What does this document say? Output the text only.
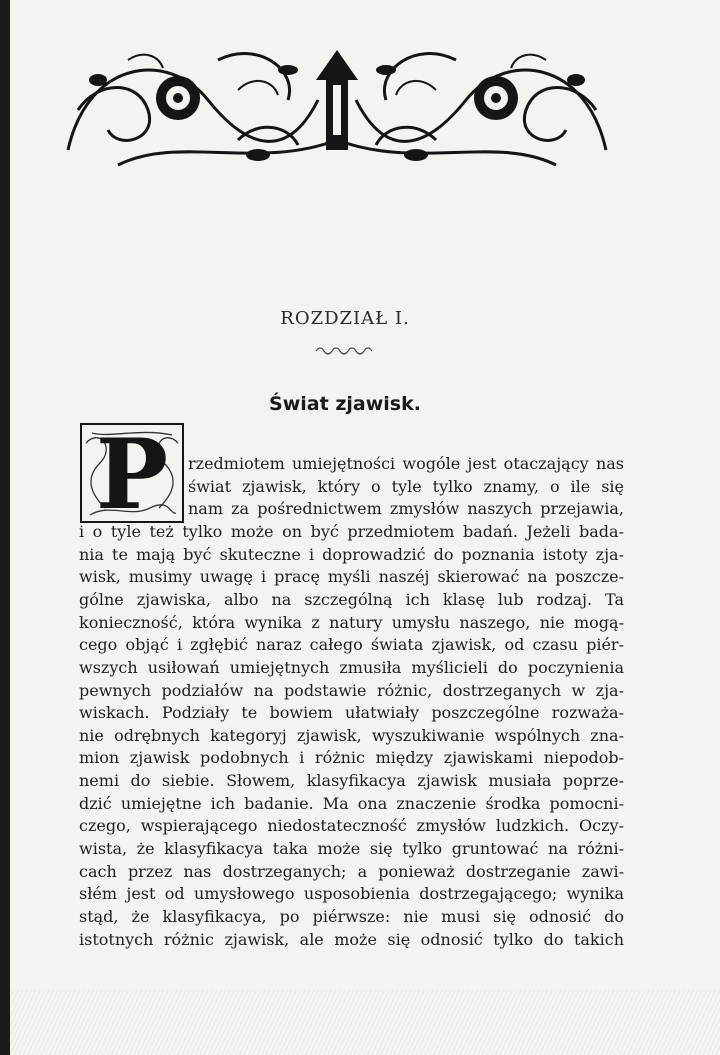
ROZDZIAŁ I.
Świat zjawisk.
P rzedmiotem umiejętności wogóle jest otaczający nas
świat zjawisk, który o tyle tylko znamy, o ile się
nam za pośrednictwem zmysłów naszych przejawia,
i o tyle też tylko może on być przedmiotem badań. Jeżeli bada-
nia te mają być skuteczne i doprowadzić do poznania istoty zja-
wisk, musimy uwagę i pracę myśli naszéj skierować na poszcze-
gólne zjawiska, albo na szczególną ich klasę lub rodzaj. Ta
konieczność, która wynika z natury umysłu naszego, nie mogą-
cego objąć i zgłębić naraz całego świata zjawisk, od czasu piér-
wszych usiłowań umiejętnych zmusiła myślicieli do poczynienia
pewnych podziałów na podstawie różnic, dostrzeganych w zja-
wiskach. Podziały te bowiem ułatwiały poszczególne rozważa-
nie odrębnych kategoryj zjawisk, wyszukiwanie wspólnych zna-
mion zjawisk podobnych i różnic między zjawiskami niepodob-
nemi do siebie. Słowem, klasyfikacya zjawisk musiała poprze-
dzić umiejętne ich badanie. Ma ona znaczenie środka pomocni-
czego, wspierającego niedostateczność zmysłów ludzkich. Oczy-
wista, że klasyfikacya taka może się tylko gruntować na różni-
cach przez nas dostrzeganych; a ponieważ dostrzeganie zawi-
słém jest od umysłowego usposobienia dostrzegającego; wynika
stąd, że klasyfikacya, po piérwsze: nie musi się odnosić do
istotnych różnic zjawisk, ale może się odnosić tylko do takich
